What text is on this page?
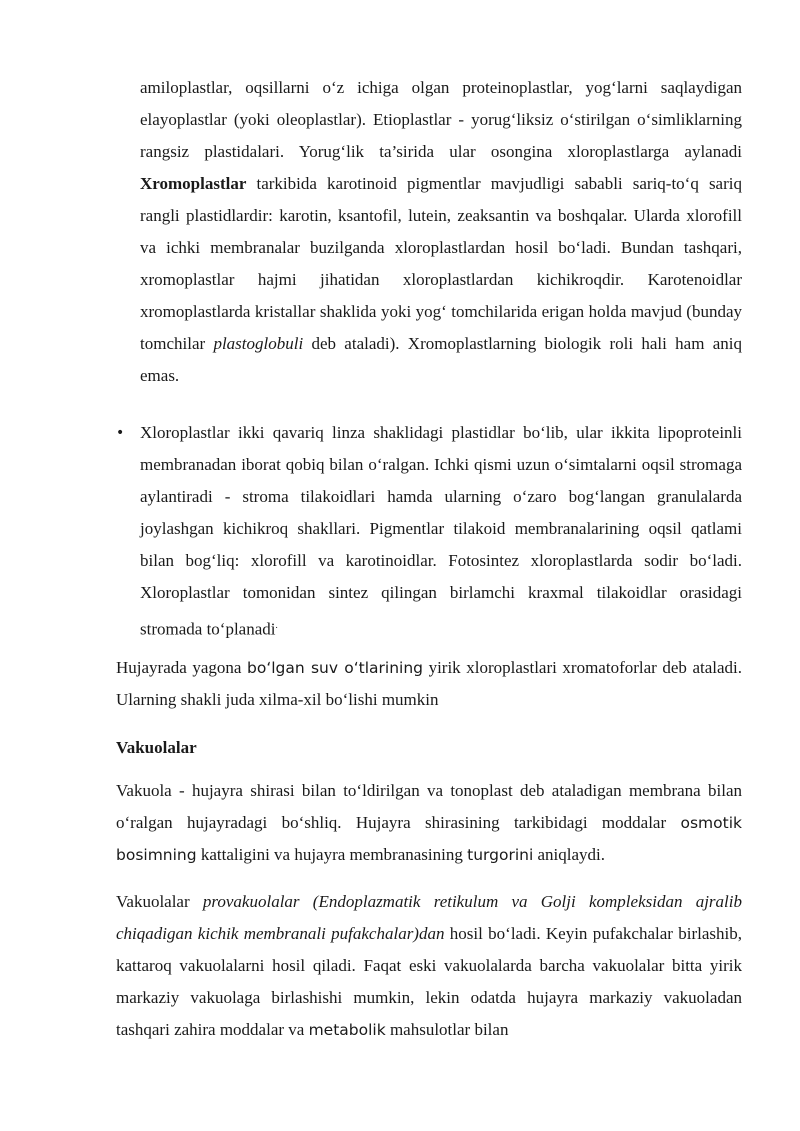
amiloplastlar, oqsillarni oʻz ichiga olgan proteinoplastlar, yogʻlarni saqlaydigan elayoplastlar (yoki oleoplastlar). Etioplastlar - yorugʻliksiz oʻstirilgan oʻsimliklarning rangsiz plastidalari. Yorugʻlik ta’sirida ular osongina xloroplastlarga aylanadi Xromoplastlar tarkibida karotinoid pigmentlar mavjudligi sababli sariq-toʻq sariq rangli plastidlardir: karotin, ksantofil, lutein, zeaksantin va boshqalar. Ularda xlorofill va ichki membranalar buzilganda xloroplastlardan hosil boʻladi. Bundan tashqari, xromoplastlar hajmi jihatidan xloroplastlardan kichikroqdir. Karotenoidlar xromoplastlarda kristallar shaklida yoki yogʻ tomchilarida erigan holda mavjud (bunday tomchilar plastoglobuli deb ataladi). Xromoplastlarning biologik roli hali ham aniq emas.
• Xloroplastlar ikki qavariq linza shaklidagi plastidlar boʻlib, ular ikkita lipoproteinli membranadan iborat qobiq bilan oʻralgan. Ichki qismi uzun oʻsimtalarni oqsil stromaga aylantiradi - stroma tilakoidlari hamda ularning oʻzaro bogʻlangan granulalarda joylashgan kichikroq shakllari. Pigmentlar tilakoid membranalarining oqsil qatlami bilan bogʻliq: xlorofill va karotinoidlar. Fotosintez xloroplastlarda sodir boʻladi. Xloroplastlar tomonidan sintez qilingan birlamchi kraxmal tilakoidlar orasidagi stromada toʻplanadi.
Hujayrada yagona boʻlgan suv oʻtlarining yirik xloroplastlari xromatoforlar deb ataladi. Ularning shakli juda xilma-xil boʻlishi mumkin
Vakuolalar
Vakuola - hujayra shirasi bilan toʻldirilgan va tonoplast deb ataladigan membrana bilan oʻralgan hujayradagi boʻshliq. Hujayra shirasining tarkibidagi moddalar osmotik bosimning kattaligini va hujayra membranasining turgorini aniqlaydi.
Vakuolalar provakuolalar (Endoplazmatik retikulum va Golji kompleksidan ajralib chiqadigan kichik membranali pufakchalar)dan hosil boʻladi. Keyin pufakchalar birlashib, kattaroq vakuolalarni hosil qiladi. Faqat eski vakuolalarda barcha vakuolalar bitta yirik markaziy vakuolaga birlashishi mumkin, lekin odatda hujayra markaziy vakuoladan tashqari zahira moddalar va metabolik mahsulotlar bilan
